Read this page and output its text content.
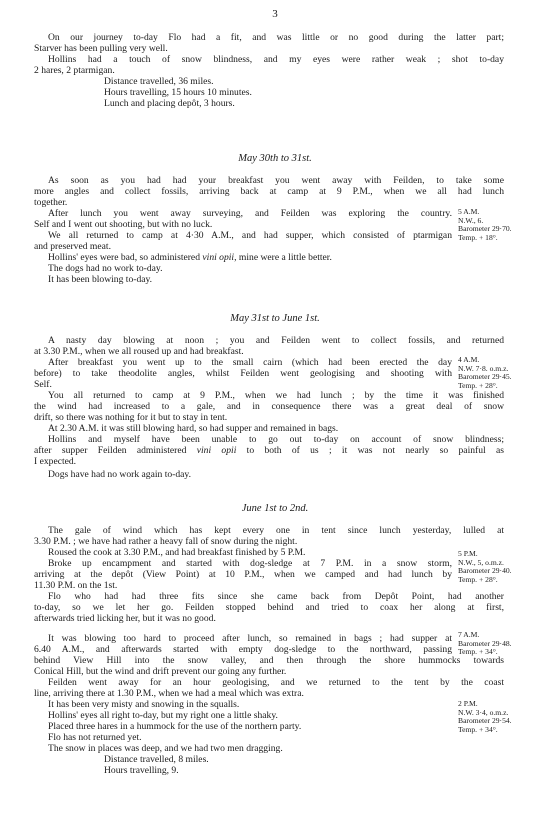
3
On our journey to-day Flo had a fit, and was little or no good during the latter part;
Starver has been pulling very well.
Hollins had a touch of snow blindness, and my eyes were rather weak ; shot to-day
2 hares, 2 ptarmigan.
Distance travelled, 36 miles.
Hours travelling, 15 hours 10 minutes.
Lunch and placing depôt, 3 hours.
May 30th to 31st.
As soon as you had had your breakfast you went away with Feilden, to take some
more angles and collect fossils, arriving back at camp at 9 P.M., when we all had lunch
together.
After lunch you went away surveying, and Feilden was exploring the country.
Self and I went out shooting, but with no luck.
We all returned to camp at 4·30 A.M., and had supper, which consisted of ptarmigan
and preserved meat.
Hollins' eyes were bad, so administered vini opii, mine were a little better.
The dogs had no work to-day.
It has been blowing to-day.
5 A.M.
N.W., 6.
Barometer 29·70.
Temp. + 18°.
May 31st to June 1st.
A nasty day blowing at noon ; you and Feilden went to collect fossils, and returned
at 3.30 P.M., when we all roused up and had breakfast.
After breakfast you went up to the small cairn (which had been erected the day
before) to take theodolite angles, whilst Feilden went geologising and shooting with
Self.
You all returned to camp at 9 P.M., when we had lunch ; by the time it was finished
the wind had increased to a gale, and in consequence there was a great deal of snow
drift, so there was nothing for it but to stay in tent.
At 2.30 A.M. it was still blowing hard, so had supper and remained in bags.
Hollins and myself have been unable to go out to-day on account of snow blindness;
after supper Feilden administered vini opii to both of us ; it was not nearly so painful as
I expected.
Dogs have had no work again to-day.
4 A.M.
N.W. 7·8. o.m.z.
Barometer 29·45.
Temp. + 28°.
June 1st to 2nd.
The gale of wind which has kept every one in tent since lunch yesterday, lulled at
3.30 P.M. ; we have had rather a heavy fall of snow during the night.
Roused the cook at 3.30 P.M., and had breakfast finished by 5 P.M.
Broke up encampment and started with dog-sledge at 7 P.M. in a snow storm,
arriving at the depôt (View Point) at 10 P.M., when we camped and had lunch by
11.30 P.M. on the 1st.
Flo who had had three fits since she came back from Depôt Point, had another
to-day, so we let her go. Feilden stopped behind and tried to coax her along at first,
afterwards tried licking her, but it was no good.
It was blowing too hard to proceed after lunch, so remained in bags ; had supper at
6.40 A.M., and afterwards started with empty dog-sledge to the northward, passing
behind View Hill into the snow valley, and then through the shore hummocks towards
Conical Hill, but the wind and drift prevent our going any further.
Feilden went away for an hour geologising, and we returned to the tent by the coast
line, arriving there at 1.30 P.M., when we had a meal which was extra.
It has been very misty and snowing in the squalls.
Hollins' eyes all right to-day, but my right one a little shaky.
Placed three hares in a hummock for the use of the northern party.
Flo has not returned yet.
The snow in places was deep, and we had two men dragging.
Distance travelled, 8 miles.
Hours travelling, 9.
5 P.M.
N.W., 5, o.m.z.
Barometer 29·40.
Temp. + 28°.
7 A.M.
Barometer 29·48.
Temp. + 34°.
2 P.M.
N.W. 3·4, o.m.z.
Barometer 29·54.
Temp. + 34°.
